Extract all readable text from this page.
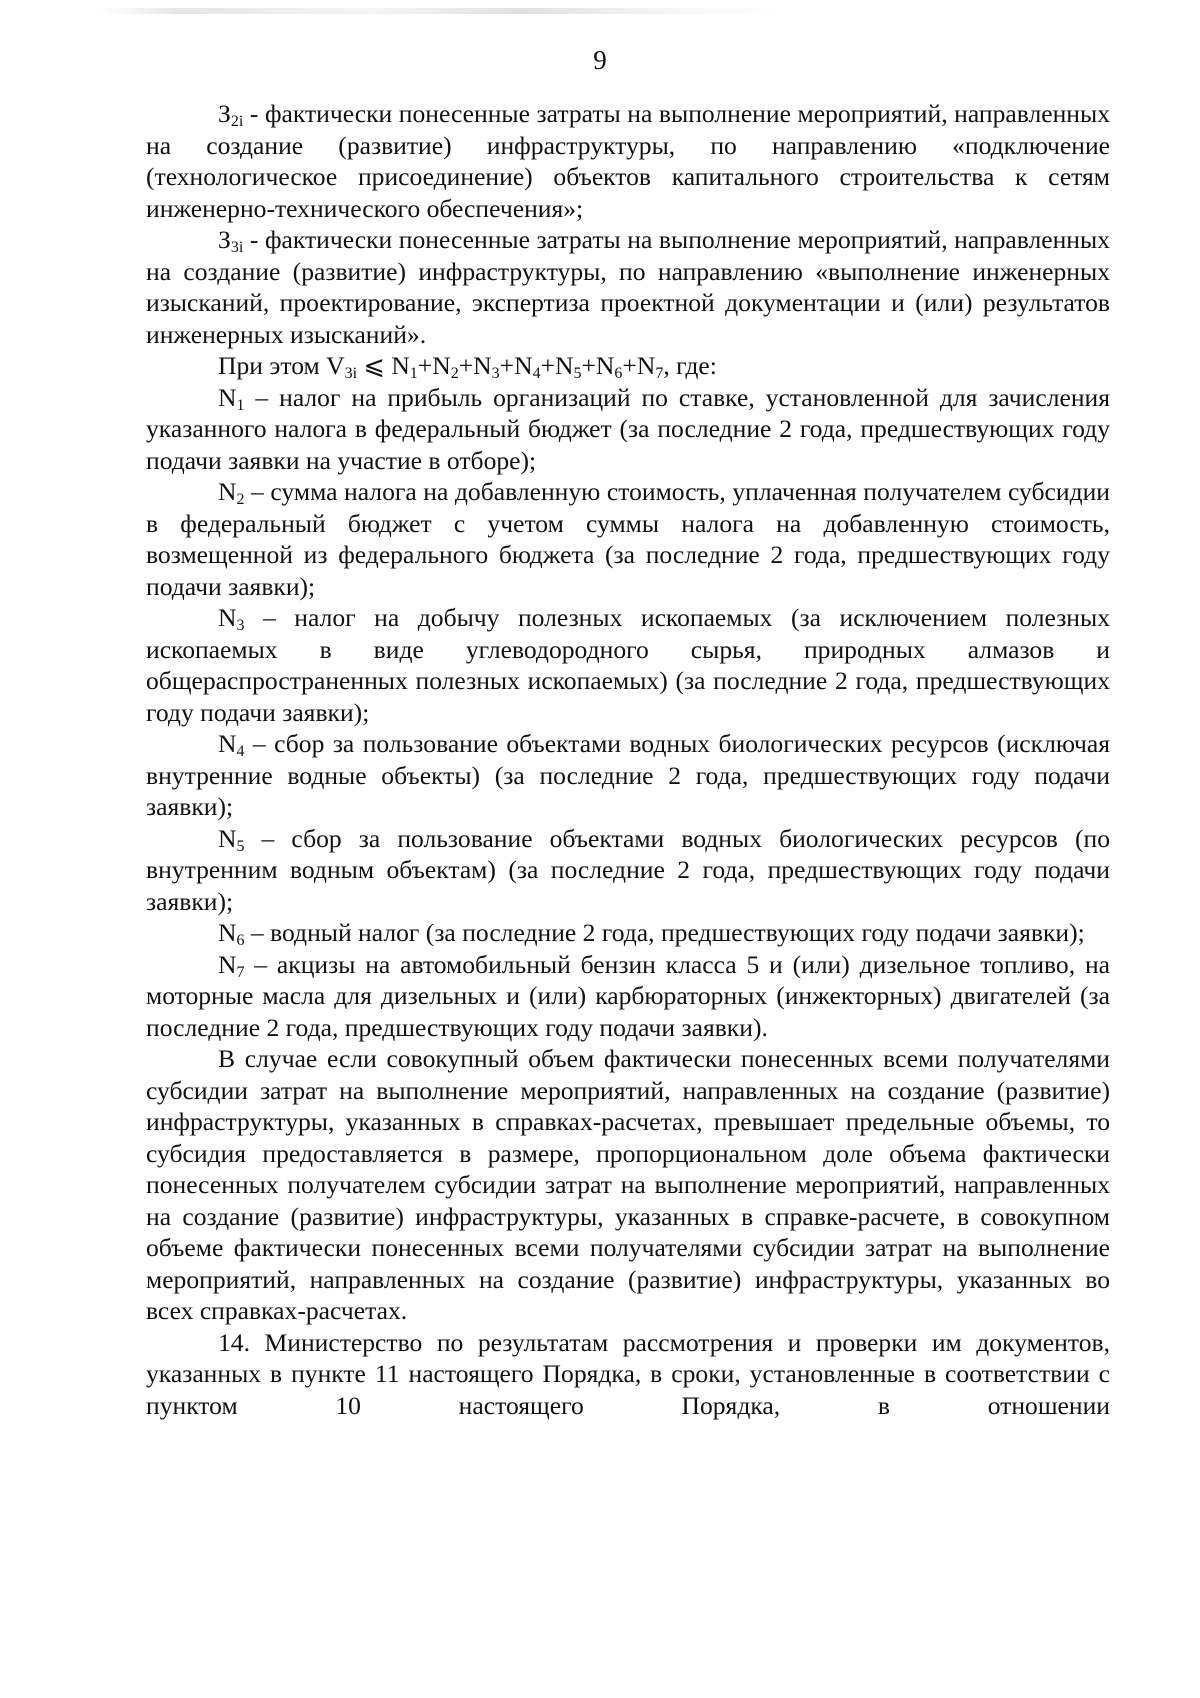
9

$З_{2i}$ - фактически понесенные затраты на выполнение мероприятий, направленных на создание (развитие) инфраструктуры, по направлению «подключение (технологическое присоединение) объектов капитального строительства к сетям инженерно-технического обеспечения»;

$З_{3i}$ - фактически понесенные затраты на выполнение мероприятий, направленных на создание (развитие) инфраструктуры, по направлению «выполнение инженерных изысканий, проектирование, экспертиза проектной документации и (или) результатов инженерных изысканий».

При этом $V_{3i}$ ⩽ $N_1+N_2+N_3+N_4+N_5+N_6+N_7$, где:

$N_1$ – налог на прибыль организаций по ставке, установленной для зачисления указанного налога в федеральный бюджет (за последние 2 года, предшествующих году подачи заявки на участие в отборе);

$N_2$ – сумма налога на добавленную стоимость, уплаченная получателем субсидии в федеральный бюджет с учетом суммы налога на добавленную стоимость, возмещенной из федерального бюджета (за последние 2 года, предшествующих году подачи заявки);

$N_3$ – налог на добычу полезных ископаемых (за исключением полезных ископаемых в виде углеводородного сырья, природных алмазов и общераспространенных полезных ископаемых) (за последние 2 года, предшествующих году подачи заявки);

$N_4$ – сбор за пользование объектами водных биологических ресурсов (исключая внутренние водные объекты) (за последние 2 года, предшествующих году подачи заявки);

$N_5$ – сбор за пользование объектами водных биологических ресурсов (по внутренним водным объектам) (за последние 2 года, предшествующих году подачи заявки);

$N_6$ – водный налог (за последние 2 года, предшествующих году подачи заявки);

$N_7$ – акцизы на автомобильный бензин класса 5 и (или) дизельное топливо, на моторные масла для дизельных и (или) карбюраторных (инжекторных) двигателей (за последние 2 года, предшествующих году подачи заявки).

В случае если совокупный объем фактически понесенных всеми получателями субсидии затрат на выполнение мероприятий, направленных на создание (развитие) инфраструктуры, указанных в справках-расчетах, превышает предельные объемы, то субсидия предоставляется в размере, пропорциональном доле объема фактически понесенных получателем субсидии затрат на выполнение мероприятий, направленных на создание (развитие) инфраструктуры, указанных в справке-расчете, в совокупном объеме фактически понесенных всеми получателями субсидии затрат на выполнение мероприятий, направленных на создание (развитие) инфраструктуры, указанных во всех справках-расчетах.

14. Министерство по результатам рассмотрения и проверки им документов, указанных в пункте 11 настоящего Порядка, в сроки, установленные в соответствии с пунктом 10 настоящего Порядка, в отношении
